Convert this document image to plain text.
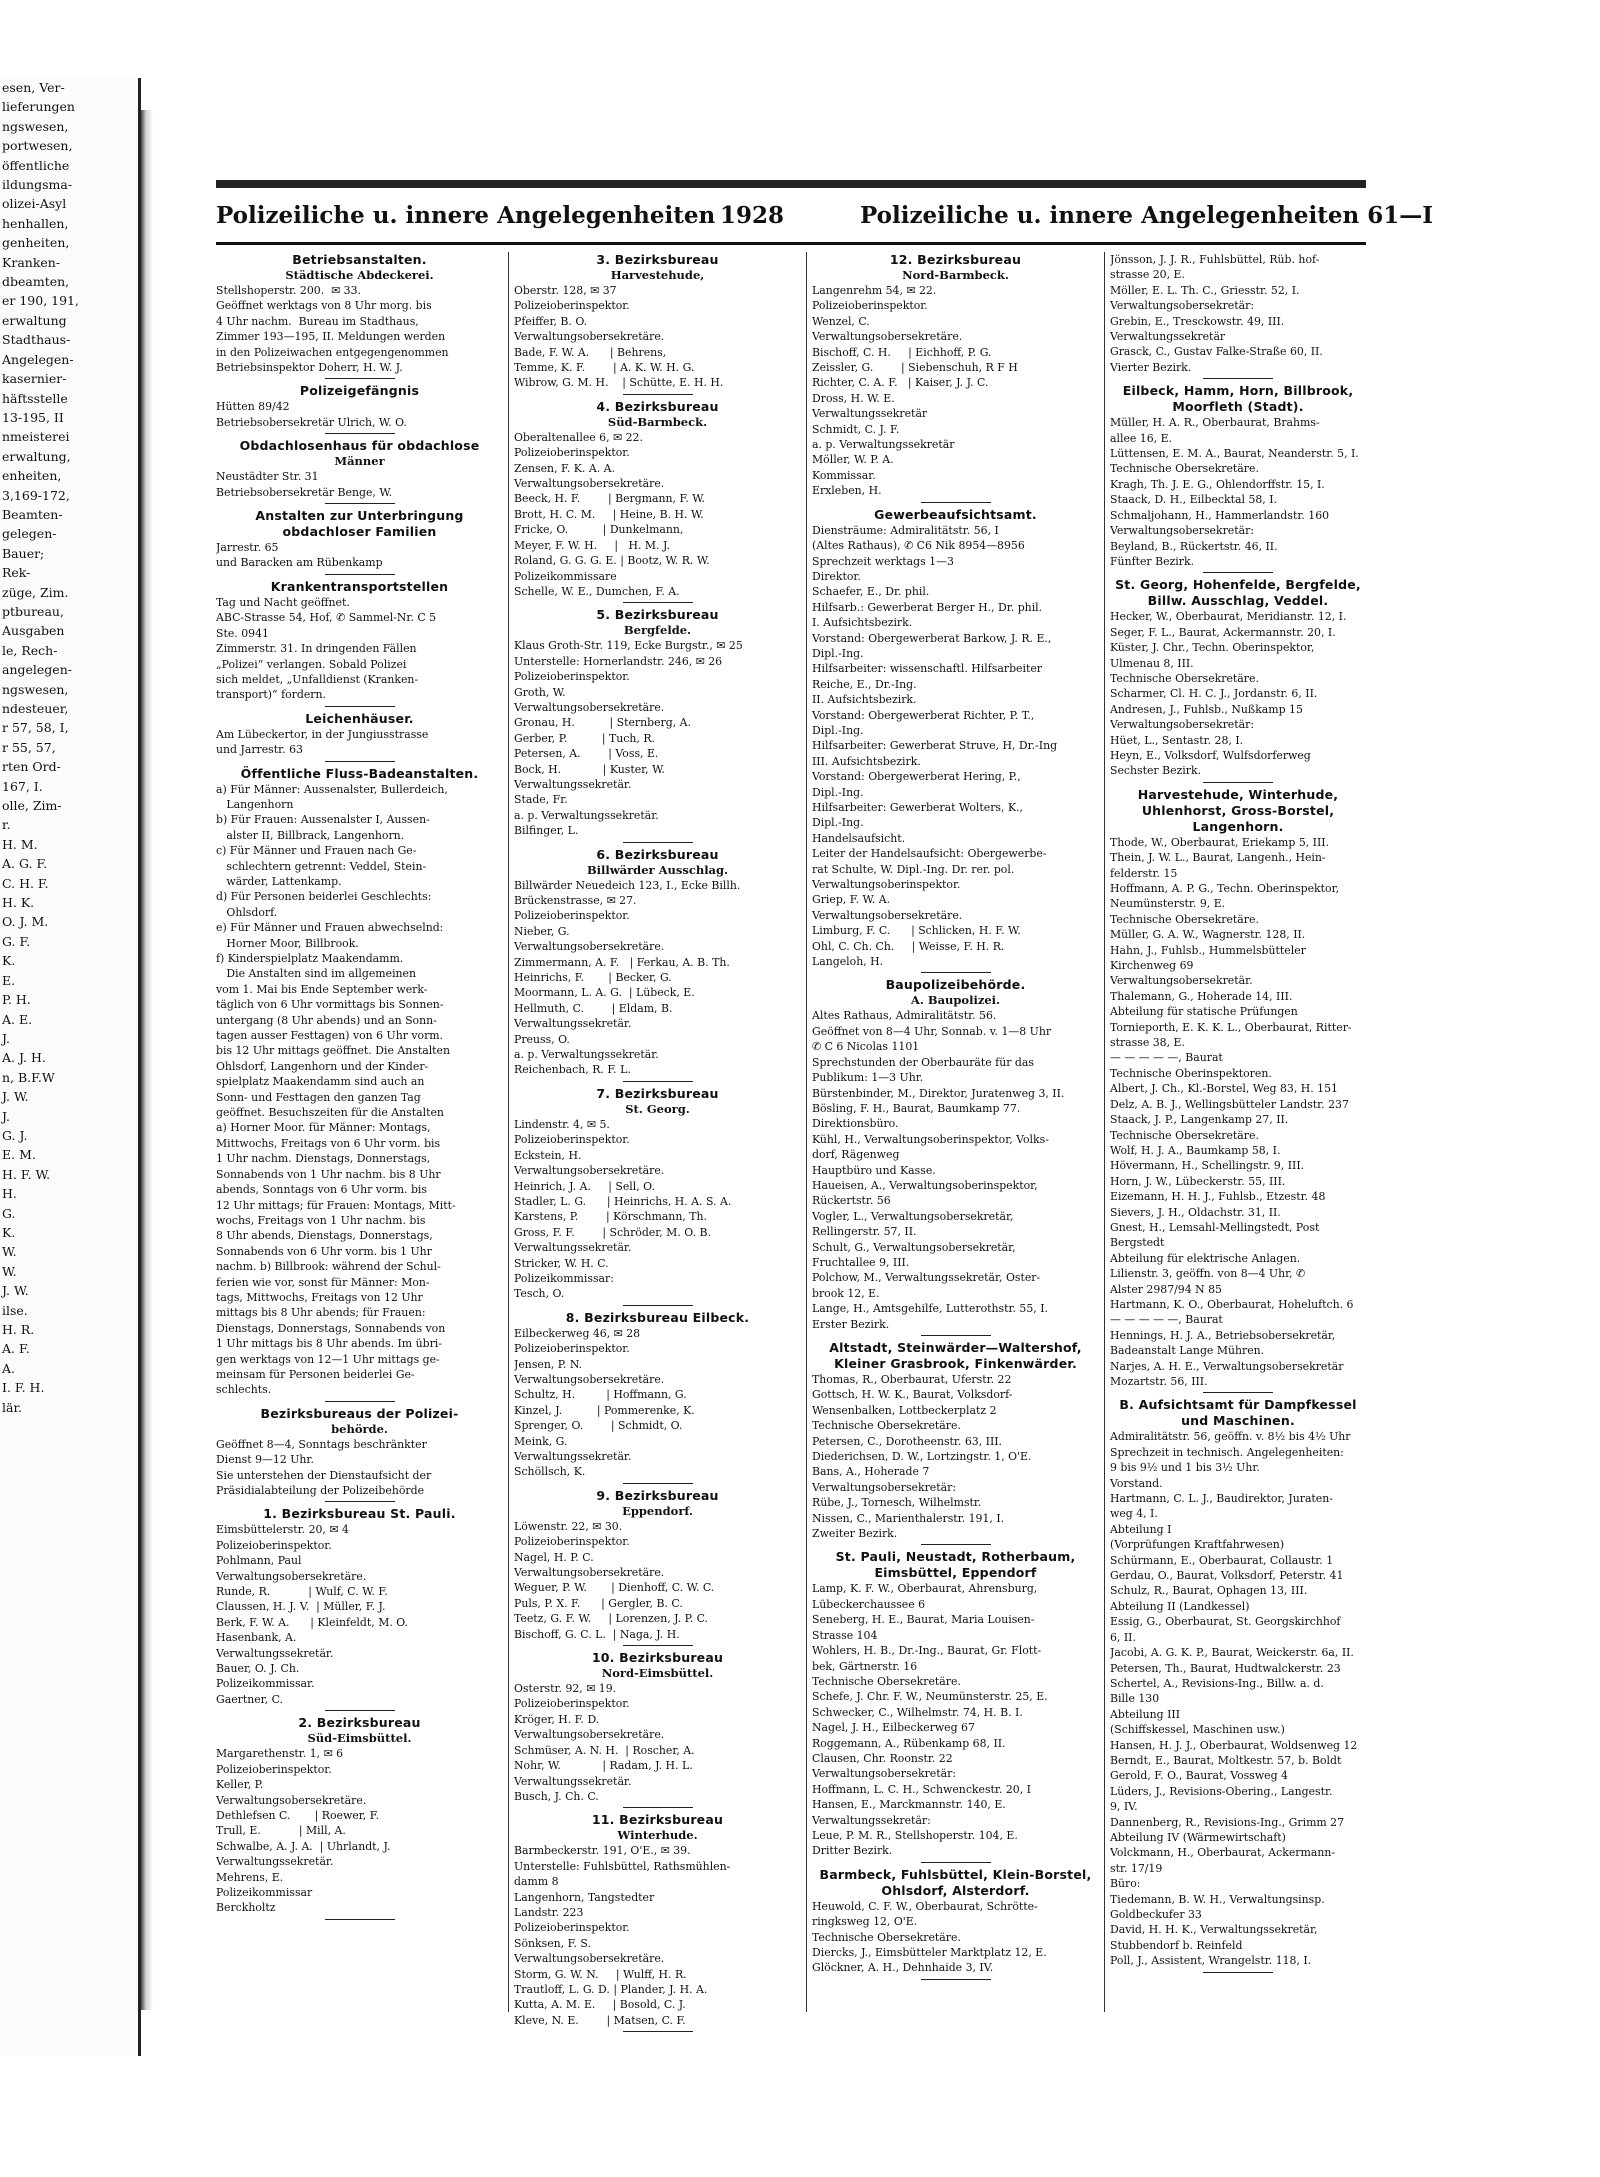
esen, Ver-
lieferungen
ngswesen,
portwesen,
öffentliche
ildungsma-
olizei-Asyl
henhallen,
genheiten,
Kranken-
dbeamten,
er 190, 191,
erwaltung
Stadthaus-
Angelegen-
kasernier-
häftsstelle
13-195, II
nmeisterei
erwaltung,
enheiten,
3,169-172,
Beamten-
gelegen-
Bauer;
Rek-
züge, Zim.
ptbureau,
Ausgaben
le, Rech-
angelegen-
ngswesen,
ndesteuer,
r 57, 58, I,
r 55, 57,
rten Ord-
167, I.
olle, Zim-
r.
H. M.
A. G. F.
C. H. F.
H. K.
O. J. M.
G. F.
K.
E.
P. H.
A. E.
J.
A. J. H.
n, B.F.W
J. W.
J.
G. J.
E. M.
H. F. W.
H.
G.
K.
W.
W.
J. W.
ilse.
H. R.
A. F.
A.
I. F. H.
lär.
Polizeiliche u. innere Angelegenheiten 1928	Polizeiliche u. innere Angelegenheiten 61—I
Betriebsanstalten.
Städtische Abdeckerei.
Stellshoperstr. 200.  ✉ 33.
Geöffnet werktags von 8 Uhr morg. bis
4 Uhr nachm.  Bureau im Stadthaus,
Zimmer 193—195, II. Meldungen werden
in den Polizeiwachen entgegengenommen
Betriebsinspektor Doherr, H. W. J.
Polizeigefängnis
Hütten 89/42
Betriebsobersekretär Ulrich, W. O.
Obdachlosenhaus für obdachlose
Männer
Neustädter Str. 31
Betriebsobersekretär Benge, W.
Anstalten zur Unterbringung obdachloser Familien
Jarrestr. 65
und Baracken am Rübenkamp
Krankentransportstellen
Tag und Nacht geöffnet.
ABC-Strasse 54, Hof, ✆ Sammel-Nr. C 5
Ste. 0941
Zimmerstr. 31. In dringenden Fällen
„Polizei“ verlangen. Sobald Polizei
sich meldet, „Unfalldienst (Kranken-
transport)“ fordern.
Leichenhäuser.
Am Lübeckertor, in der Jungiusstrasse
und Jarrestr. 63
Öffentliche Fluss-Badeanstalten.
a) Für Männer: Aussenalster, Bullerdeich,
Langenhorn
b) Für Frauen: Aussenalster I, Aussen-
alster II, Billbrack, Langenhorn.
c) Für Männer und Frauen nach Ge-
schlechtern getrennt: Veddel, Stein-
wärder, Lattenkamp.
d) Für Personen beiderlei Geschlechts:
Ohlsdorf.
e) Für Männer und Frauen abwechselnd:
Horner Moor, Billbrook.
f) Kinderspielplatz Maakendamm.
Die Anstalten sind im allgemeinen
vom 1. Mai bis Ende September werk-
täglich von 6 Uhr vormittags bis Sonnen-
untergang (8 Uhr abends) und an Sonn-
tagen ausser Festtagen) von 6 Uhr vorm.
bis 12 Uhr mittags geöffnet. Die Anstalten
Ohlsdorf, Langenhorn und der Kinder-
spielplatz Maakendamm sind auch an
Sonn- und Festtagen den ganzen Tag
geöffnet. Besuchszeiten für die Anstalten
a) Horner Moor. für Männer: Montags,
Mittwochs, Freitags von 6 Uhr vorm. bis
1 Uhr nachm. Dienstags, Donnerstags,
Sonnabends von 1 Uhr nachm. bis 8 Uhr
abends, Sonntags von 6 Uhr vorm. bis
12 Uhr mittags; für Frauen: Montags, Mitt-
wochs, Freitags von 1 Uhr nachm. bis
8 Uhr abends, Dienstags, Donnerstags,
Sonnabends von 6 Uhr vorm. bis 1 Uhr
nachm. b) Billbrook: während der Schul-
ferien wie vor, sonst für Männer: Mon-
tags, Mittwochs, Freitags von 12 Uhr
mittags bis 8 Uhr abends; für Frauen:
Dienstags, Donnerstags, Sonnabends von
1 Uhr mittags bis 8 Uhr abends. Im übri-
gen werktags von 12—1 Uhr mittags ge-
meinsam für Personen beiderlei Ge-
schlechts.
Bezirksbureaus der Polizei-
behörde.
Geöffnet 8—4, Sonntags beschränkter
Dienst 9—12 Uhr.
Sie unterstehen der Dienstaufsicht der
Präsidialabteilung der Polizeibehörde
1. Bezirksbureau St. Pauli.
Eimsbüttelerstr. 20, ✉ 4
Polizeioberinspektor.
Pohlmann, Paul
Verwaltungsobersekretäre.
Runde, R.           | Wulf, C. W. F.
Claussen, H. J. V.  | Müller, F. J.
Berk, F. W. A.      | Kleinfeldt, M. O.
Hasenbank, A.
Verwaltungssekretär.
Bauer, O. J. Ch.
Polizeikommissar.
Gaertner, C.
2. Bezirksbureau
Süd-Eimsbüttel.
Margarethenstr. 1, ✉ 6
Polizeioberinspektor.
Keller, P.
Verwaltungsobersekretäre.
Dethlefsen C.       | Roewer, F.
Trull, E.           | Mill, A.
Schwalbe, A. J. A.  | Uhrlandt, J.
Verwaltungssekretär.
Mehrens, E.
Polizeikommissar
Berckholtz
3. Bezirksbureau
Harvestehude,
Oberstr. 128, ✉ 37
Polizeioberinspektor.
Pfeiffer, B. O.
Verwaltungsobersekretäre.
Bade, F. W. A.      | Behrens,
Temme, K. F.        | A. K. W. H. G.
Wibrow, G. M. H.    | Schütte, E. H. H.
4. Bezirksbureau
Süd-Barmbeck.
Oberaltenallee 6, ✉ 22.
Polizeioberinspektor.
Zensen, F. K. A. A.
Verwaltungsobersekretäre.
Beeck, H. F.        | Bergmann, F. W.
Brott, H. C. M.     | Heine, B. H. W.
Fricke, O.          | Dunkelmann,
Meyer, F. W. H.     |   H. M. J.
Roland, G. G. G. E. | Bootz, W. R. W.
Polizeikommissare
Schelle, W. E., Dumchen, F. A.
5. Bezirksbureau
Bergfelde.
Klaus Groth-Str. 119, Ecke Burgstr., ✉ 25
Unterstelle: Hornerlandstr. 246, ✉ 26
Polizeioberinspektor.
Groth, W.
Verwaltungsobersekretäre.
Gronau, H.          | Sternberg, A.
Gerber, P.          | Tuch, R.
Petersen, A.        | Voss, E.
Bock, H.            | Kuster, W.
Verwaltungssekretär.
Stade, Fr.
a. p. Verwaltungssekretär.
Bilfinger, L.
6. Bezirksbureau
Billwärder Ausschlag.
Billwärder Neuedeich 123, I., Ecke Billh.
Brückenstrasse, ✉ 27.
Polizeioberinspektor.
Nieber, G.
Verwaltungsobersekretäre.
Zimmermann, A. F.   | Ferkau, A. B. Th.
Heinrichs, F.       | Becker, G.
Moormann, L. A. G.  | Lübeck, E.
Hellmuth, C.        | Eldam, B.
Verwaltungssekretär.
Preuss, O.
a. p. Verwaltungssekretär.
Reichenbach, R. F. L.
7. Bezirksbureau
St. Georg.
Lindenstr. 4, ✉ 5.
Polizeioberinspektor.
Eckstein, H.
Verwaltungsobersekretäre.
Heinrich, J. A.     | Sell, O.
Stadler, L. G.      | Heinrichs, H. A. S. A.
Karstens, P.        | Körschmann, Th.
Gross, F. F.        | Schröder, M. O. B.
Verwaltungssekretär.
Stricker, W. H. C.
Polizeikommissar:
Tesch, O.
8. Bezirksbureau Eilbeck.
Eilbeckerweg 46, ✉ 28
Polizeioberinspektor.
Jensen, P. N.
Verwaltungsobersekretäre.
Schultz, H.         | Hoffmann, G.
Kinzel, J.          | Pommerenke, K.
Sprenger, O.        | Schmidt, O.
Meink, G.
Verwaltungssekretär.
Schöllsch, K.
9. Bezirksbureau
Eppendorf.
Löwenstr. 22, ✉ 30.
Polizeioberinspektor.
Nagel, H. P. C.
Verwaltungsobersekretäre.
Weguer, P. W.       | Dienhoff, C. W. C.
Puls, P. X. F.      | Gergler, B. C.
Teetz, G. F. W.     | Lorenzen, J. P. C.
Bischoff, G. C. L.  | Naga, J. H.
10. Bezirksbureau
Nord-Eimsbüttel.
Osterstr. 92, ✉ 19.
Polizeioberinspektor.
Kröger, H. F. D.
Verwaltungsobersekretäre.
Schmüser, A. N. H.  | Roscher, A.
Nohr, W.            | Radam, J. H. L.
Verwaltungssekretär.
Busch, J. Ch. C.
11. Bezirksbureau
Winterhude.
Barmbeckerstr. 191, O'E., ✉ 39.
Unterstelle: Fuhlsbüttel, Rathsmühlen-
damm 8
Langenhorn, Tangstedter
Landstr. 223
Polizeioberinspektor.
Sönksen, F. S.
Verwaltungsobersekretäre.
Storm, G. W. N.     | Wulff, H. R.
Trautloff, L. G. D. | Plander, J. H. A.
Kutta, A. M. E.     | Bosold, C. J.
Kleve, N. E.        | Matsen, C. F.
12. Bezirksbureau
Nord-Barmbeck.
Langenrehm 54, ✉ 22.
Polizeioberinspektor.
Wenzel, C.
Verwaltungsobersekretäre.
Bischoff, C. H.     | Eichhoff, P. G.
Zeissler, G.        | Siebenschuh, R F H
Richter, C. A. F.   | Kaiser, J. J. C.
Dross, H. W. E.
Verwaltungssekretär
Schmidt, C. J. F.
a. p. Verwaltungssekretär
Möller, W. P. A.
Kommissar.
Erxleben, H.
Gewerbeaufsichtsamt.
Diensträume: Admiralitätstr. 56, I
(Altes Rathaus), ✆ C6 Nik 8954—8956
Sprechzeit werktags 1—3
Direktor.
Schaefer, E., Dr. phil.
Hilfsarb.: Gewerberat Berger H., Dr. phil.
I. Aufsichtsbezirk.
Vorstand: Obergewerberat Barkow, J. R. E.,
Dipl.-Ing.
Hilfsarbeiter: wissenschaftl. Hilfsarbeiter
Reiche, E., Dr.-Ing.
II. Aufsichtsbezirk.
Vorstand: Obergewerberat Richter, P. T.,
Dipl.-Ing.
Hilfsarbeiter: Gewerberat Struve, H, Dr.-Ing
III. Aufsichtsbezirk.
Vorstand: Obergewerberat Hering, P.,
Dipl.-Ing.
Hilfsarbeiter: Gewerberat Wolters, K.,
Dipl.-Ing.
Handelsaufsicht.
Leiter der Handelsaufsicht: Obergewerbe-
rat Schulte, W. Dipl.-Ing. Dr. rer. pol.
Verwaltungsoberinspektor.
Griep, F. W. A.
Verwaltungsobersekretäre.
Limburg, F. C.      | Schlicken, H. F. W.
Ohl, C. Ch. Ch.     | Weisse, F. H. R.
Langeloh, H.
Baupolizeibehörde.
A. Baupolizei.
Altes Rathaus, Admiralitätstr. 56.
Geöffnet von 8—4 Uhr, Sonnab. v. 1—8 Uhr
✆ C 6 Nicolas 1101
Sprechstunden der Oberbauräte für das
Publikum: 1—3 Uhr.
Bürstenbinder, M., Direktor, Juratenweg 3, II.
Bösling, F. H., Baurat, Baumkamp 77.
Direktionsbüro.
Kühl, H., Verwaltungsoberinspektor, Volks-
dorf, Rägenweg
Hauptbüro und Kasse.
Haueisen, A., Verwaltungsoberinspektor,
Rückertstr. 56
Vogler, L., Verwaltungsobersekretär,
Rellingerstr. 57, II.
Schult, G., Verwaltungsobersekretär,
Fruchtallee 9, III.
Polchow, M., Verwaltungssekretär, Oster-
brook 12, E.
Lange, H., Amtsgehilfe, Lutterothstr. 55, I.
Erster Bezirk.
Altstadt, Steinwärder—Waltershof, Kleiner Grasbrook, Finkenwärder.
Thomas, R., Oberbaurat, Uferstr. 22
Gottsch, H. W. K., Baurat, Volksdorf-
Wensenbalken, Lottbeckerplatz 2
Technische Obersekretäre.
Petersen, C., Dorotheenstr. 63, III.
Diederichsen, D. W., Lortzingstr. 1, O'E.
Bans, A., Hoherade 7
Verwaltungsobersekretär:
Rübe, J., Tornesch, Wilhelmstr.
Nissen, C., Marienthalerstr. 191, I.
Zweiter Bezirk.
St. Pauli, Neustadt, Rotherbaum, Eimsbüttel, Eppendorf
Lamp, K. F. W., Oberbaurat, Ahrensburg,
Lübeckerchaussee 6
Seneberg, H. E., Baurat, Maria Louisen-
Strasse 104
Wohlers, H. B., Dr.-Ing., Baurat, Gr. Flott-
bek, Gärtnerstr. 16
Technische Obersekretäre.
Schefe, J. Chr. F. W., Neumünsterstr. 25, E.
Schwecker, C., Wilhelmstr. 74, H. B. I.
Nagel, J. H., Eilbeckerweg 67
Roggemann, A., Rübenkamp 68, II.
Clausen, Chr. Roonstr. 22
Verwaltungsobersekretär:
Hoffmann, L. C. H., Schwenckestr. 20, I
Hansen, E., Marckmannstr. 140, E.
Verwaltungssekretär:
Leue, P. M. R., Stellshoperstr. 104, E.
Dritter Bezirk.
Barmbeck, Fuhlsbüttel, Klein-Borstel, Ohlsdorf, Alsterdorf.
Heuwold, C. F. W., Oberbaurat, Schrötte-
ringksweg 12, O'E.
Technische Obersekretäre.
Diercks, J., Eimsbütteler Marktplatz 12, E.
Glöckner, A. H., Dehnhaide 3, IV.
Jönsson, J. J. R., Fuhlsbüttel, Rüb. hof-
strasse 20, E.
Möller, E. L. Th. C., Griesstr. 52, I.
Verwaltungsobersekretär:
Grebin, E., Tresckowstr. 49, III.
Verwaltungssekretär
Grasck, C., Gustav Falke-Straße 60, II.
Vierter Bezirk.
Eilbeck, Hamm, Horn, Billbrook, Moorfleth (Stadt).
Müller, H. A. R., Oberbaurat, Brahms-
allee 16, E.
Lüttensen, E. M. A., Baurat, Neanderstr. 5, I.
Technische Obersekretäre.
Kragh, Th. J. E. G., Ohlendorffstr. 15, I.
Staack, D. H., Eilbecktal 58, I.
Schmaljohann, H., Hammerlandstr. 160
Verwaltungsobersekretär:
Beyland, B., Rückertstr. 46, II.
Fünfter Bezirk.
St. Georg, Hohenfelde, Bergfelde, Billw. Ausschlag, Veddel.
Hecker, W., Oberbaurat, Meridianstr. 12, I.
Seger, F. L., Baurat, Ackermannstr. 20, I.
Küster, J. Chr., Techn. Oberinspektor,
Ulmenau 8, III.
Technische Obersekretäre.
Scharmer, Cl. H. C. J., Jordanstr. 6, II.
Andresen, J., Fuhlsb., Nußkamp 15
Verwaltungsobersekretär:
Hüet, L., Sentastr. 28, I.
Heyn, E., Volksdorf, Wulfsdorferweg
Sechster Bezirk.
Harvestehude, Winterhude, Uhlenhorst, Gross-Borstel, Langenhorn.
Thode, W., Oberbaurat, Eriekamp 5, III.
Thein, J. W. L., Baurat, Langenh., Hein-
felderstr. 15
Hoffmann, A. P. G., Techn. Oberinspektor,
Neumünsterstr. 9, E.
Technische Obersekretäre.
Müller, G. A. W., Wagnerstr. 128, II.
Hahn, J., Fuhlsb., Hummelsbütteler
Kirchenweg 69
Verwaltungsobersekretär.
Thalemann, G., Hoherade 14, III.
Abteilung für statische Prüfungen
Tornieporth, E. K. K. L., Oberbaurat, Ritter-
strasse 38, E.
— — — — —, Baurat
Technische Oberinspektoren.
Albert, J. Ch., Kl.-Borstel, Weg 83, H. 151
Delz, A. B. J., Wellingsbütteler Landstr. 237
Staack, J. P., Langenkamp 27, II.
Technische Obersekretäre.
Wolf, H. J. A., Baumkamp 58, I.
Hövermann, H., Schellingstr. 9, III.
Horn, J. W., Lübeckerstr. 55, III.
Eizemann, H. H. J., Fuhlsb., Etzestr. 48
Sievers, J. H., Oldachstr. 31, II.
Gnest, H., Lemsahl-Mellingstedt, Post
Bergstedt
Abteilung für elektrische Anlagen.
Lilienstr. 3, geöffn. von 8—4 Uhr, ✆
Alster 2987/94 N 85
Hartmann, K. O., Oberbaurat, Hoheluftch. 6
— — — — —, Baurat
Hennings, H. J. A., Betriebsobersekretär,
Badeanstalt Lange Mühren.
Narjes, A. H. E., Verwaltungsobersekretär
Mozartstr. 56, III.
B. Aufsichtsamt für Dampfkessel und Maschinen.
Admiralitätstr. 56, geöffn. v. 8½ bis 4½ Uhr
Sprechzeit in technisch. Angelegenheiten:
9 bis 9½ und 1 bis 3½ Uhr.
Vorstand.
Hartmann, C. L. J., Baudirektor, Juraten-
weg 4, I.
Abteilung I
(Vorprüfungen Kraftfahrwesen)
Schürmann, E., Oberbaurat, Collaustr. 1
Gerdau, O., Baurat, Volksdorf, Peterstr. 41
Schulz, R., Baurat, Ophagen 13, III.
Abteilung II (Landkessel)
Essig, G., Oberbaurat, St. Georgskirchhof
6, II.
Jacobi, A. G. K. P., Baurat, Weickerstr. 6a, II.
Petersen, Th., Baurat, Hudtwalckerstr. 23
Schertel, A., Revisions-Ing., Billw. a. d.
Bille 130
Abteilung III
(Schiffskessel, Maschinen usw.)
Hansen, H. J. J., Oberbaurat, Woldsenweg 12
Berndt, E., Baurat, Moltkestr. 57, b. Boldt
Gerold, F. O., Baurat, Vossweg 4
Lüders, J., Revisions-Obering., Langestr.
9, IV.
Dannenberg, R., Revisions-Ing., Grimm 27
Abteilung IV (Wärmewirtschaft)
Volckmann, H., Oberbaurat, Ackermann-
str. 17/19
Büro:
Tiedemann, B. W. H., Verwaltungsinsp.
Goldbeckufer 33
David, H. H. K., Verwaltungssekretär,
Stubbendorf b. Reinfeld
Poll, J., Assistent, Wrangelstr. 118, I.
